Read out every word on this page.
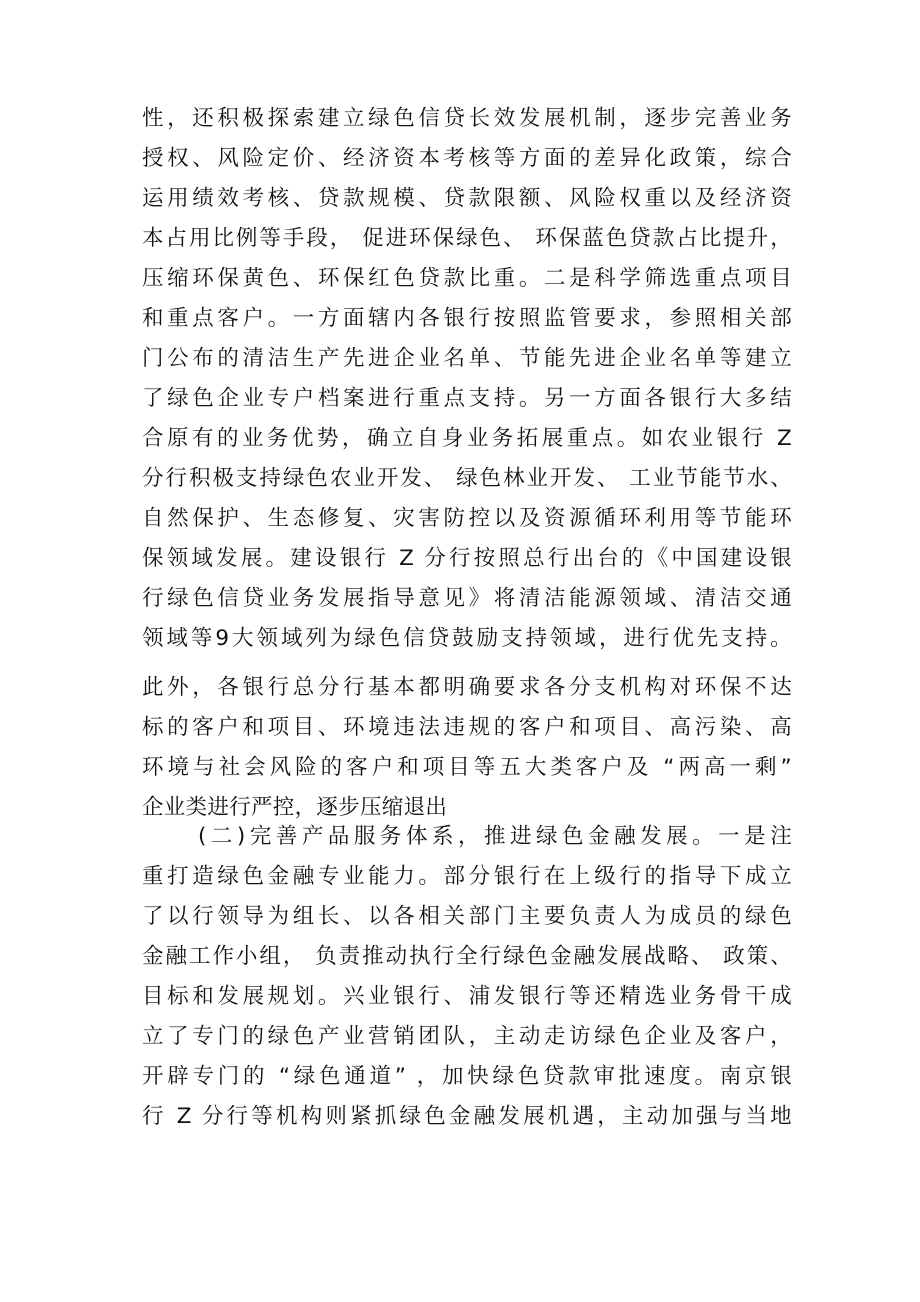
性，还积极探索建立绿色信贷长效发展机制，逐步完善业务
授权、风险定价、经济资本考核等方面的差异化政策，综合
运用绩效考核、贷款规模、贷款限额、风险权重以及经济资
本占用比例等手段， 促进环保绿色、 环保蓝色贷款占比提升，
压缩环保黄色、环保红色贷款比重。二是科学筛选重点项目
和重点客户。一方面辖内各银行按照监管要求，参照相关部
门公布的清洁生产先进企业名单、节能先进企业名单等建立
了绿色企业专户档案进行重点支持。另一方面各银行大多结
合原有的业务优势，确立自身业务拓展重点。如农业银行 Z
分行积极支持绿色农业开发、 绿色林业开发、 工业节能节水、
自然保护、生态修复、灾害防控以及资源循环利用等节能环
保领域发展。建设银行 Z 分行按照总行出台的《中国建设银
行绿色信贷业务发展指导意见》将清洁能源领域、清洁交通
领域等9大领域列为绿色信贷鼓励支持领域，进行优先支持。
此外，各银行总分行基本都明确要求各分支机构对环保不达
标的客户和项目、环境违法违规的客户和项目、高污染、高
环境与社会风险的客户和项目等五大类客户及 “两高一剩”
企业类进行严控，逐步压缩退出
(二)完善产品服务体系，推进绿色金融发展。一是注
重打造绿色金融专业能力。部分银行在上级行的指导下成立
了以行领导为组长、以各相关部门主要负责人为成员的绿色
金融工作小组， 负责推动执行全行绿色金融发展战略、 政策、
目标和发展规划。兴业银行、浦发银行等还精选业务骨干成
立了专门的绿色产业营销团队，主动走访绿色企业及客户，
开辟专门的 “绿色通道” ，加快绿色贷款审批速度。南京银
行 Z 分行等机构则紧抓绿色金融发展机遇，主动加强与当地
